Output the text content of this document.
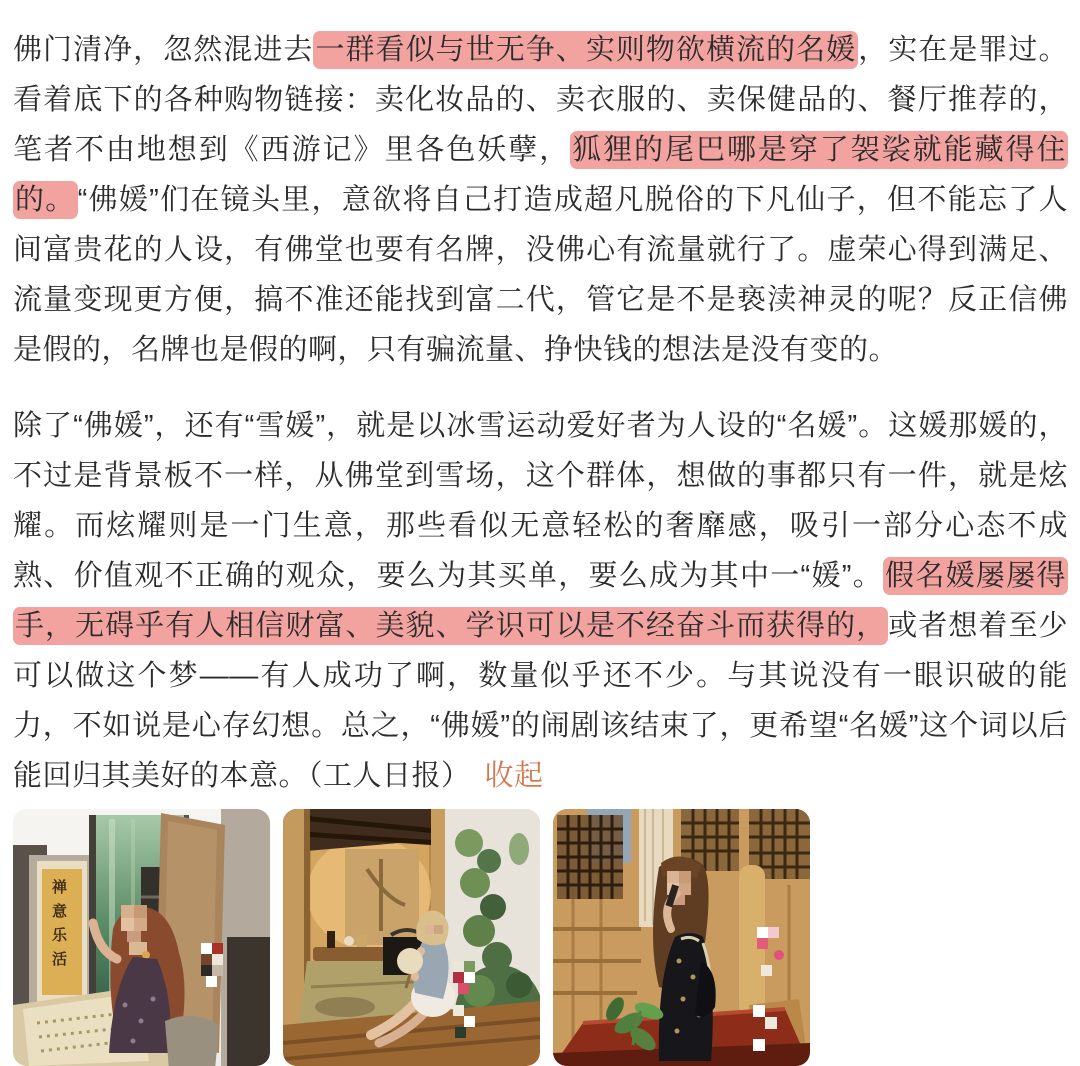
佛门清净，忽然混进去一群看似与世无争、实则物欲横流的名媛，实在是罪过。看着底下的各种购物链接：卖化妆品的、卖衣服的、卖保健品的、餐厅推荐的，笔者不由地想到《西游记》里各色妖孽，狐狸的尾巴哪是穿了袈裟就能藏得住的。“佛媛”们在镜头里，意欲将自己打造成超凡脱俗的下凡仙子，但不能忘了人间富贵花的人设，有佛堂也要有名牌，没佛心有流量就行了。虚荣心得到满足、流量变现更方便，搞不准还能找到富二代，管它是不是亵渎神灵的呢？反正信佛是假的，名牌也是假的啊，只有骗流量、挣快钱的想法是没有变的。

除了“佛媛”，还有“雪媛”，就是以冰雪运动爱好者为人设的“名媛”。这媛那媛的，不过是背景板不一样，从佛堂到雪场，这个群体，想做的事都只有一件，就是炫耀。而炫耀则是一门生意，那些看似无意轻松的奢靡感，吸引一部分心态不成熟、价值观不正确的观众，要么为其买单，要么成为其中一“媛”。假名媛屡屡得手，无碍乎有人相信财富、美貌、学识可以是不经奋斗而获得的，或者想着至少可以做这个梦——有人成功了啊，数量似乎还不少。与其说没有一眼识破的能力，不如说是心存幻想。总之，“佛媛”的闹剧该结束了，更希望“名媛”这个词以后能回归其美好的本意。（工人日报） 收起

禅意乐活
